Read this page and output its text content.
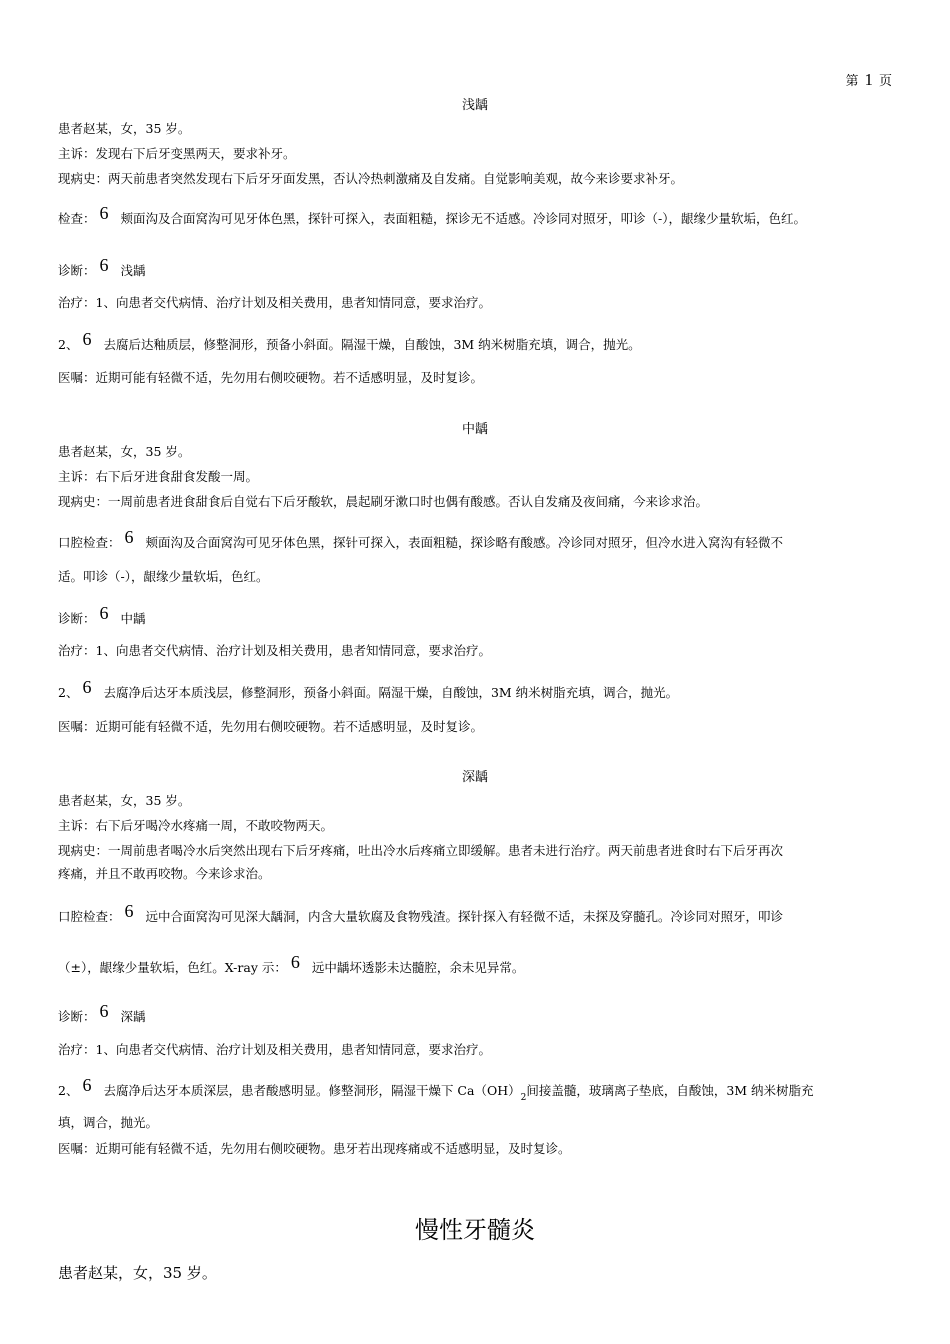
第 1 页
浅龋
患者赵某，女，35 岁。
主诉：发现右下后牙变黑两天，要求补牙。
现病史：两天前患者突然发现右下后牙牙面发黑，否认冷热刺激痛及自发痛。自觉影响美观，故今来诊要求补牙。
检查： 6 颊面沟及合面窝沟可见牙体色黑，探针可探入，表面粗糙，探诊无不适感。冷诊同对照牙，叩诊（-），龈缘少量软垢，色红。
诊断： 6 浅龋
治疗：1、向患者交代病情、治疗计划及相关费用，患者知情同意，要求治疗。
2、 6 去腐后达釉质层，修整洞形，预备小斜面。隔湿干燥，自酸蚀，3M 纳米树脂充填，调合，抛光。
医嘱：近期可能有轻微不适，先勿用右侧咬硬物。若不适感明显，及时复诊。
中龋
患者赵某，女，35 岁。
主诉：右下后牙进食甜食发酸一周。
现病史：一周前患者进食甜食后自觉右下后牙酸软，晨起刷牙漱口时也偶有酸感。否认自发痛及夜间痛，今来诊求治。
口腔检查： 6 颊面沟及合面窝沟可见牙体色黑，探针可探入，表面粗糙，探诊略有酸感。冷诊同对照牙，但冷水进入窝沟有轻微不
适。叩诊（-），龈缘少量软垢，色红。
诊断： 6 中龋
治疗：1、向患者交代病情、治疗计划及相关费用，患者知情同意，要求治疗。
2、 6 去腐净后达牙本质浅层，修整洞形，预备小斜面。隔湿干燥，自酸蚀，3M 纳米树脂充填，调合，抛光。
医嘱：近期可能有轻微不适，先勿用右侧咬硬物。若不适感明显，及时复诊。
深龋
患者赵某，女，35 岁。
主诉：右下后牙喝冷水疼痛一周，不敢咬物两天。
现病史：一周前患者喝冷水后突然出现右下后牙疼痛，吐出冷水后疼痛立即缓解。患者未进行治疗。两天前患者进食时右下后牙再次
疼痛，并且不敢再咬物。今来诊求治。
口腔检查： 6 远中合面窝沟可见深大龋洞，内含大量软腐及食物残渣。探针探入有轻微不适，未探及穿髓孔。冷诊同对照牙，叩诊
（±），龈缘少量软垢，色红。X-ray 示： 6 远中龋坏透影未达髓腔，余未见异常。
诊断： 6 深龋
治疗：1、向患者交代病情、治疗计划及相关费用，患者知情同意，要求治疗。
2、 6 去腐净后达牙本质深层，患者酸感明显。修整洞形，隔湿干燥下 $Ca(OH)_2$间接盖髓，玻璃离子垫底，自酸蚀，3M 纳米树脂充
填，调合，抛光。
医嘱：近期可能有轻微不适，先勿用右侧咬硬物。患牙若出现疼痛或不适感明显，及时复诊。
慢性牙髓炎
患者赵某，女，35 岁。
